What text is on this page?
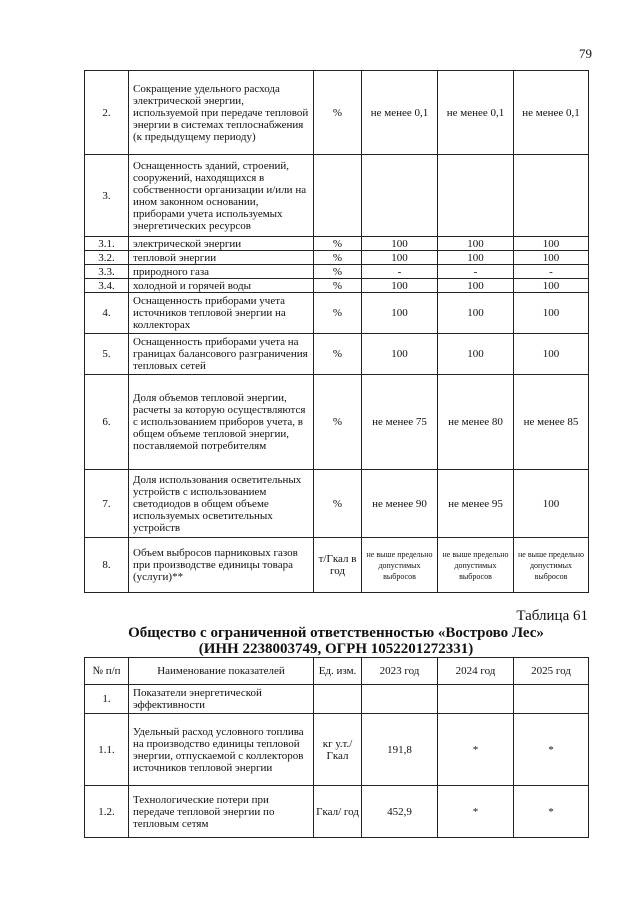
79
2.	Сокращение удельного расхода электрической энергии, используемой при передаче тепловой энергии в системах теплоснабжения (к предыдущему периоду)	%	не менее 0,1	не менее 0,1	не менее 0,1
3.	Оснащенность зданий, строений, сооружений, находящихся в собственности организации и/или на ином законном основании, приборами учета используемых энергетических ресурсов				
3.1.	электрической энергии	%	100	100	100
3.2.	тепловой энергии	%	100	100	100
3.3.	природного газа	%	-	-	-
3.4.	холодной и горячей воды	%	100	100	100
4.	Оснащенность приборами учета источников тепловой энергии на коллекторах	%	100	100	100
5.	Оснащенность приборами учета на границах балансового разграничения тепловых сетей	%	100	100	100
6.	Доля объемов тепловой энергии, расчеты за которую осуществляются с использованием приборов учета, в общем объеме тепловой энергии, поставляемой потребителям	%	не менее 75	не менее 80	не менее 85
7.	Доля использования осветительных устройств с использованием светодиодов в общем объеме используемых осветительных устройств	%	не менее 90	не менее 95	100
8.	Объем выбросов парниковых газов при производстве единицы товара (услуги)**	т/Гкал в год	не выше предельно допустимых выбросов	не выше предельно допустимых выбросов	не выше предельно допустимых выбросов
Таблица 61
Общество с ограниченной ответственностью «Вострово Лес»
(ИНН 2238003749, ОГРН 1052201272331)
№ п/п	Наименование показателей	Ед. изм.	2023 год	2024 год	2025 год
1.	Показатели энергетической эффективности				
1.1.	Удельный расход условного топлива на производство единицы тепловой энергии, отпускаемой с коллекторов источников тепловой энергии	кг у.т./ Гкал	191,8	*	*
1.2.	Технологические потери при передаче тепловой энергии по тепловым сетям	Гкал/ год	452,9	*	*
